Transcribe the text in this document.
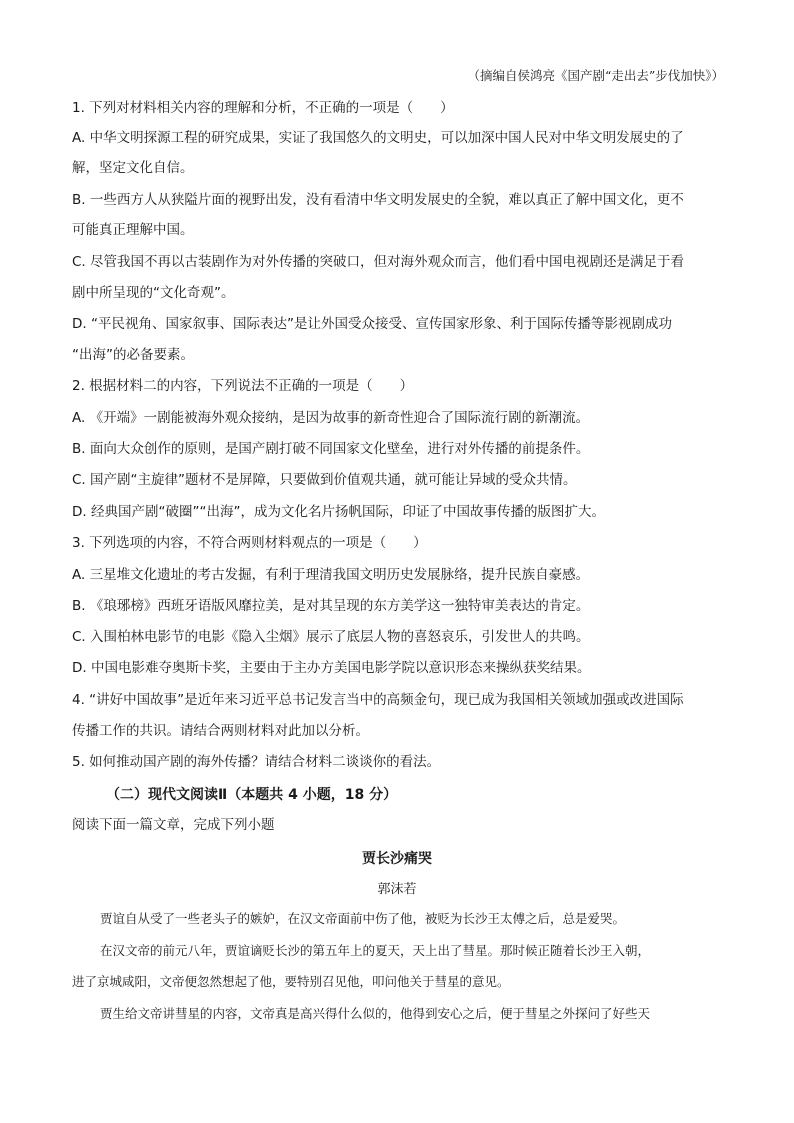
（摘编自侯鸿亮《国产剧“走出去”步伐加快》）
1. 下列对材料相关内容的理解和分析，不正确的一项是（　　）
A. 中华文明探源工程的研究成果，实证了我国悠久的文明史，可以加深中国人民对中华文明发展史的了
解，坚定文化自信。
B. 一些西方人从狭隘片面的视野出发，没有看清中华文明发展史的全貌，难以真正了解中国文化，更不
可能真正理解中国。
C. 尽管我国不再以古装剧作为对外传播的突破口，但对海外观众而言，他们看中国电视剧还是满足于看
剧中所呈现的“文化奇观”。
D. “平民视角、国家叙事、国际表达”是让外国受众接受、宣传国家形象、利于国际传播等影视剧成功
“出海”的必备要素。
2. 根据材料二的内容，下列说法不正确的一项是（　　）
A. 《开端》一剧能被海外观众接纳，是因为故事的新奇性迎合了国际流行剧的新潮流。
B. 面向大众创作的原则，是国产剧打破不同国家文化壁垒，进行对外传播的前提条件。
C. 国产剧“主旋律”题材不是屏障，只要做到价值观共通，就可能让异域的受众共情。
D. 经典国产剧“破圈”“出海”，成为文化名片扬帆国际，印证了中国故事传播的版图扩大。
3. 下列选项的内容，不符合两则材料观点的一项是（　　）
A. 三星堆文化遗址的考古发掘，有利于理清我国文明历史发展脉络，提升民族自豪感。
B. 《琅琊榜》西班牙语版风靡拉美，是对其呈现的东方美学这一独特审美表达的肯定。
C. 入围柏林电影节的电影《隐入尘烟》展示了底层人物的喜怒哀乐，引发世人的共鸣。
D. 中国电影难夺奥斯卡奖，主要由于主办方美国电影学院以意识形态来操纵获奖结果。
4. “讲好中国故事”是近年来习近平总书记发言当中的高频金句，现已成为我国相关领域加强或改进国际
传播工作的共识。请结合两则材料对此加以分析。
5. 如何推动国产剧的海外传播？请结合材料二谈谈你的看法。
（二）现代文阅读Ⅱ（本题共 4 小题，18 分）
阅读下面一篇文章，完成下列小题
贾长沙痛哭
郭沫若
贾谊自从受了一些老头子的嫉妒，在汉文帝面前中伤了他，被贬为长沙王太傅之后，总是爱哭。
在汉文帝的前元八年，贾谊谪贬长沙的第五年上的夏天，天上出了彗星。那时候正随着长沙王入朝，
进了京城咸阳，文帝便忽然想起了他，要特别召见他，叩问他关于彗星的意见。
贾生给文帝讲彗星的内容，文帝真是高兴得什么似的，他得到安心之后，便于彗星之外探问了好些天
